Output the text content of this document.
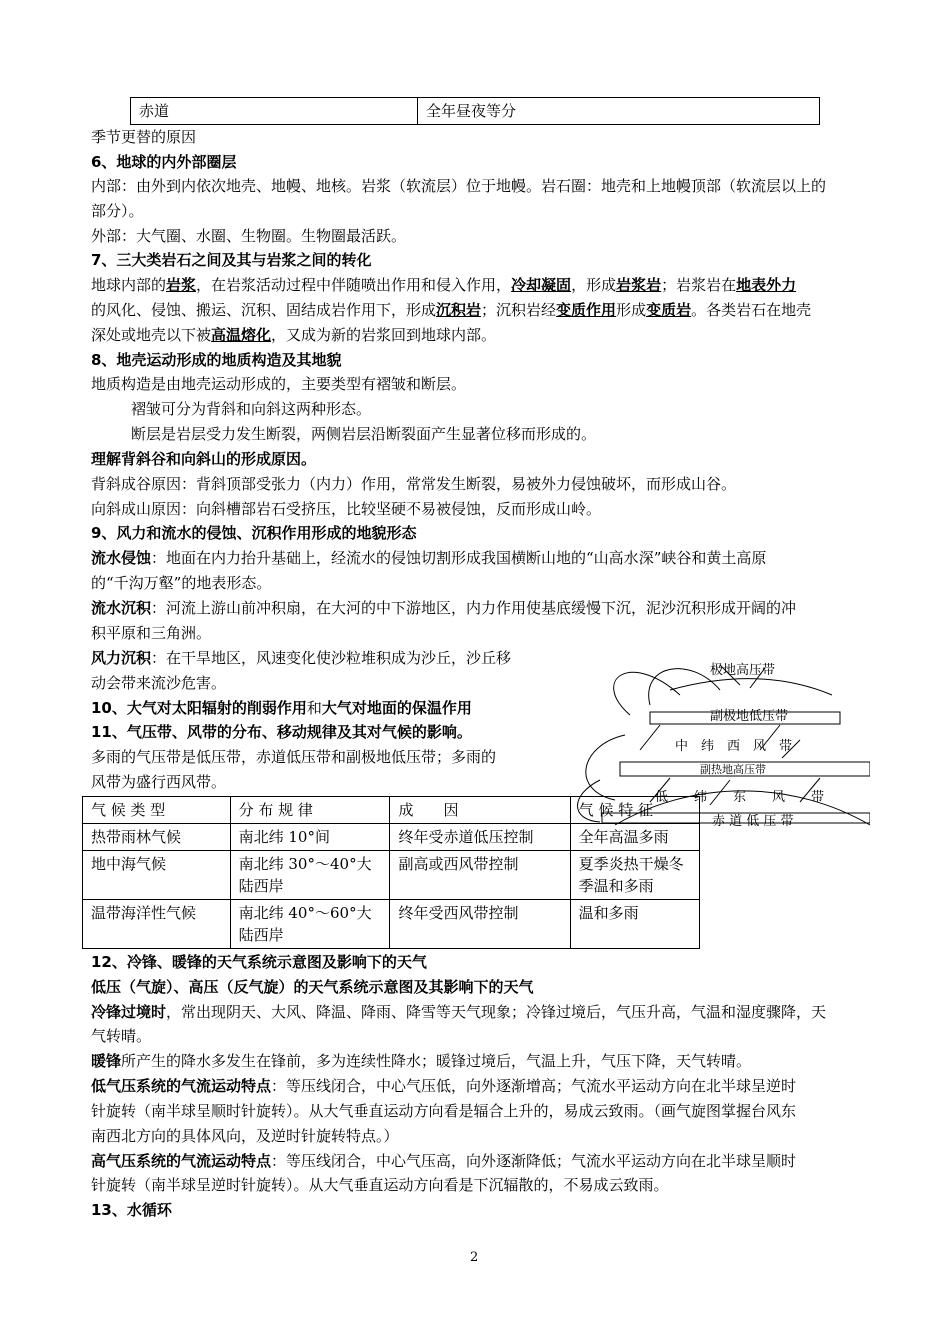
赤道	全年昼夜等分
季节更替的原因
6、地球的内外部圈层
内部：由外到内依次地壳、地幔、地核。岩浆（软流层）位于地幔。岩石圈：地壳和上地幔顶部（软流层以上的
部分）。
外部：大气圈、水圈、生物圈。生物圈最活跃。
7、三大类岩石之间及其与岩浆之间的转化
地球内部的岩浆，在岩浆活动过程中伴随喷出作用和侵入作用，冷却凝固，形成岩浆岩；岩浆岩在地表外力
的风化、侵蚀、搬运、沉积、固结成岩作用下，形成沉积岩；沉积岩经变质作用形成变质岩。各类岩石在地壳
深处或地壳以下被高温熔化，又成为新的岩浆回到地球内部。
8、地壳运动形成的地质构造及其地貌
地质构造是由地壳运动形成的，主要类型有褶皱和断层。
褶皱可分为背斜和向斜这两种形态。
断层是岩层受力发生断裂，两侧岩层沿断裂面产生显著位移而形成的。
理解背斜谷和向斜山的形成原因。
背斜成谷原因：背斜顶部受张力（内力）作用，常常发生断裂，易被外力侵蚀破坏，而形成山谷。
向斜成山原因：向斜槽部岩石受挤压，比较坚硬不易被侵蚀，反而形成山岭。
9、风力和流水的侵蚀、沉积作用形成的地貌形态
流水侵蚀：地面在内力抬升基础上，经流水的侵蚀切割形成我国横断山地的“山高水深”峡谷和黄土高原
的“千沟万壑”的地表形态。
流水沉积：河流上游山前冲积扇，在大河的中下游地区，内力作用使基底缓慢下沉，泥沙沉积形成开阔的冲
积平原和三角洲。
风力沉积：在干旱地区，风速变化使沙粒堆积成为沙丘，沙丘移
动会带来流沙危害。
10、大气对太阳辐射的削弱作用和大气对地面的保温作用
11、气压带、风带的分布、移动规律及其对气候的影响。
多雨的气压带是低压带，赤道低压带和副极地低压带；多雨的
风带为盛行西风带。
气 候 类 型	分 布 规 律	成　　因	气 候 特 征
热带雨林气候	南北纬 10°间	终年受赤道低压控制	全年高温多雨
地中海气候	南北纬 30°～40°大陆西岸	副高或西风带控制	夏季炎热干燥冬季温和多雨
温带海洋性气候	南北纬 40°～60°大陆西岸	终年受西风带控制	温和多雨
极地高压带
副极地低压带
中　纬　西　风　带
副热地高压带
低　　纬　　东　　风　　带
赤 道 低 压 带
12、冷锋、暖锋的天气系统示意图及影响下的天气
低压（气旋）、高压（反气旋）的天气系统示意图及其影响下的天气
冷锋过境时，常出现阴天、大风、降温、降雨、降雪等天气现象；冷锋过境后，气压升高，气温和湿度骤降，天
气转晴。
暖锋所产生的降水多发生在锋前，多为连续性降水；暖锋过境后，气温上升，气压下降，天气转晴。
低气压系统的气流运动特点：等压线闭合，中心气压低，向外逐渐增高；气流水平运动方向在北半球呈逆时
针旋转（南半球呈顺时针旋转）。从大气垂直运动方向看是辐合上升的，易成云致雨。（画气旋图掌握台风东
南西北方向的具体风向，及逆时针旋转特点。）
高气压系统的气流运动特点：等压线闭合，中心气压高，向外逐渐降低；气流水平运动方向在北半球呈顺时
针旋转（南半球呈逆时针旋转）。从大气垂直运动方向看是下沉辐散的，不易成云致雨。
13、水循环
2
